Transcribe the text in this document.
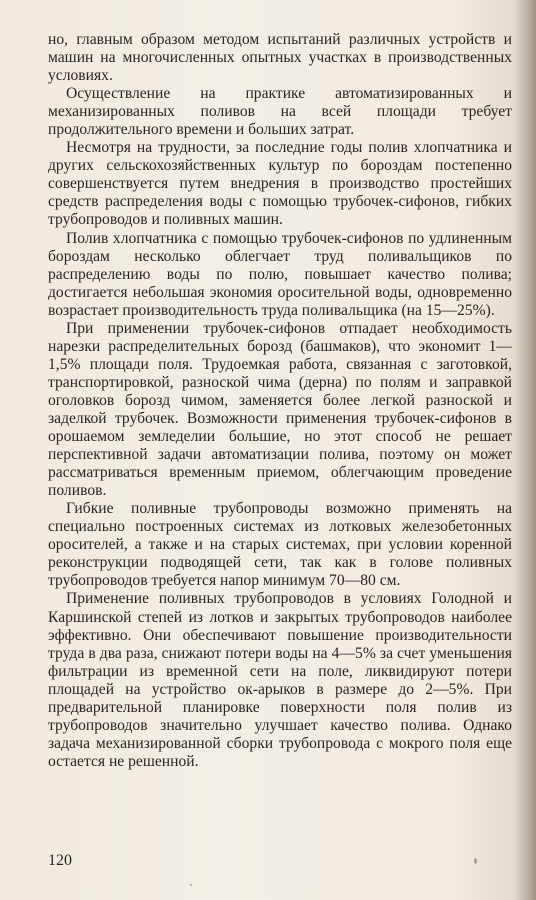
но, главным образом методом испытаний различных устройств и машин на многочисленных опытных участках в производственных условиях.

Осуществление на практике автоматизированных и механизированных поливов на всей площади требует продолжительного времени и больших затрат.

Несмотря на трудности, за последние годы полив хлопчатника и других сельскохозяйственных культур по бороздам постепенно совершенствуется путем внедрения в производство простейших средств распределения воды с помощью трубочек-сифонов, гибких трубопроводов и поливных машин.

Полив хлопчатника с помощью трубочек-сифонов по удлиненным бороздам несколько облегчает труд поливальщиков по распределению воды по полю, повышает качество полива; достигается небольшая экономия оросительной воды, одновременно возрастает производительность труда поливальщика (на 15—25%).

При применении трубочек-сифонов отпадает необходимость нарезки распределительных борозд (башмаков), что экономит 1—1,5% площади поля. Трудоемкая работа, связанная с заготовкой, транспортировкой, разноской чима (дерна) по полям и заправкой оголовков борозд чимом, заменяется более легкой разноской и заделкой трубочек. Возможности применения трубочек-сифонов в орошаемом земледелии большие, но этот способ не решает перспективной задачи автоматизации полива, поэтому он может рассматриваться временным приемом, облегчающим проведение поливов.

Гибкие поливные трубопроводы возможно применять на специально построенных системах из лотковых железобетонных оросителей, а также и на старых системах, при условии коренной реконструкции подводящей сети, так как в голове поливных трубопроводов требуется напор минимум 70—80 см.

Применение поливных трубопроводов в условиях Голодной и Каршинской степей из лотков и закрытых трубопроводов наиболее эффективно. Они обеспечивают повышение производительности труда в два раза, снижают потери воды на 4—5% за счет уменьшения фильтрации из временной сети на поле, ликвидируют потери площадей на устройство ок-арыков в размере до 2—5%. При предварительной планировке поверхности поля полив из трубопроводов значительно улучшает качество полива. Однако задача механизированной сборки трубопровода с мокрого поля еще остается не решенной.

120
